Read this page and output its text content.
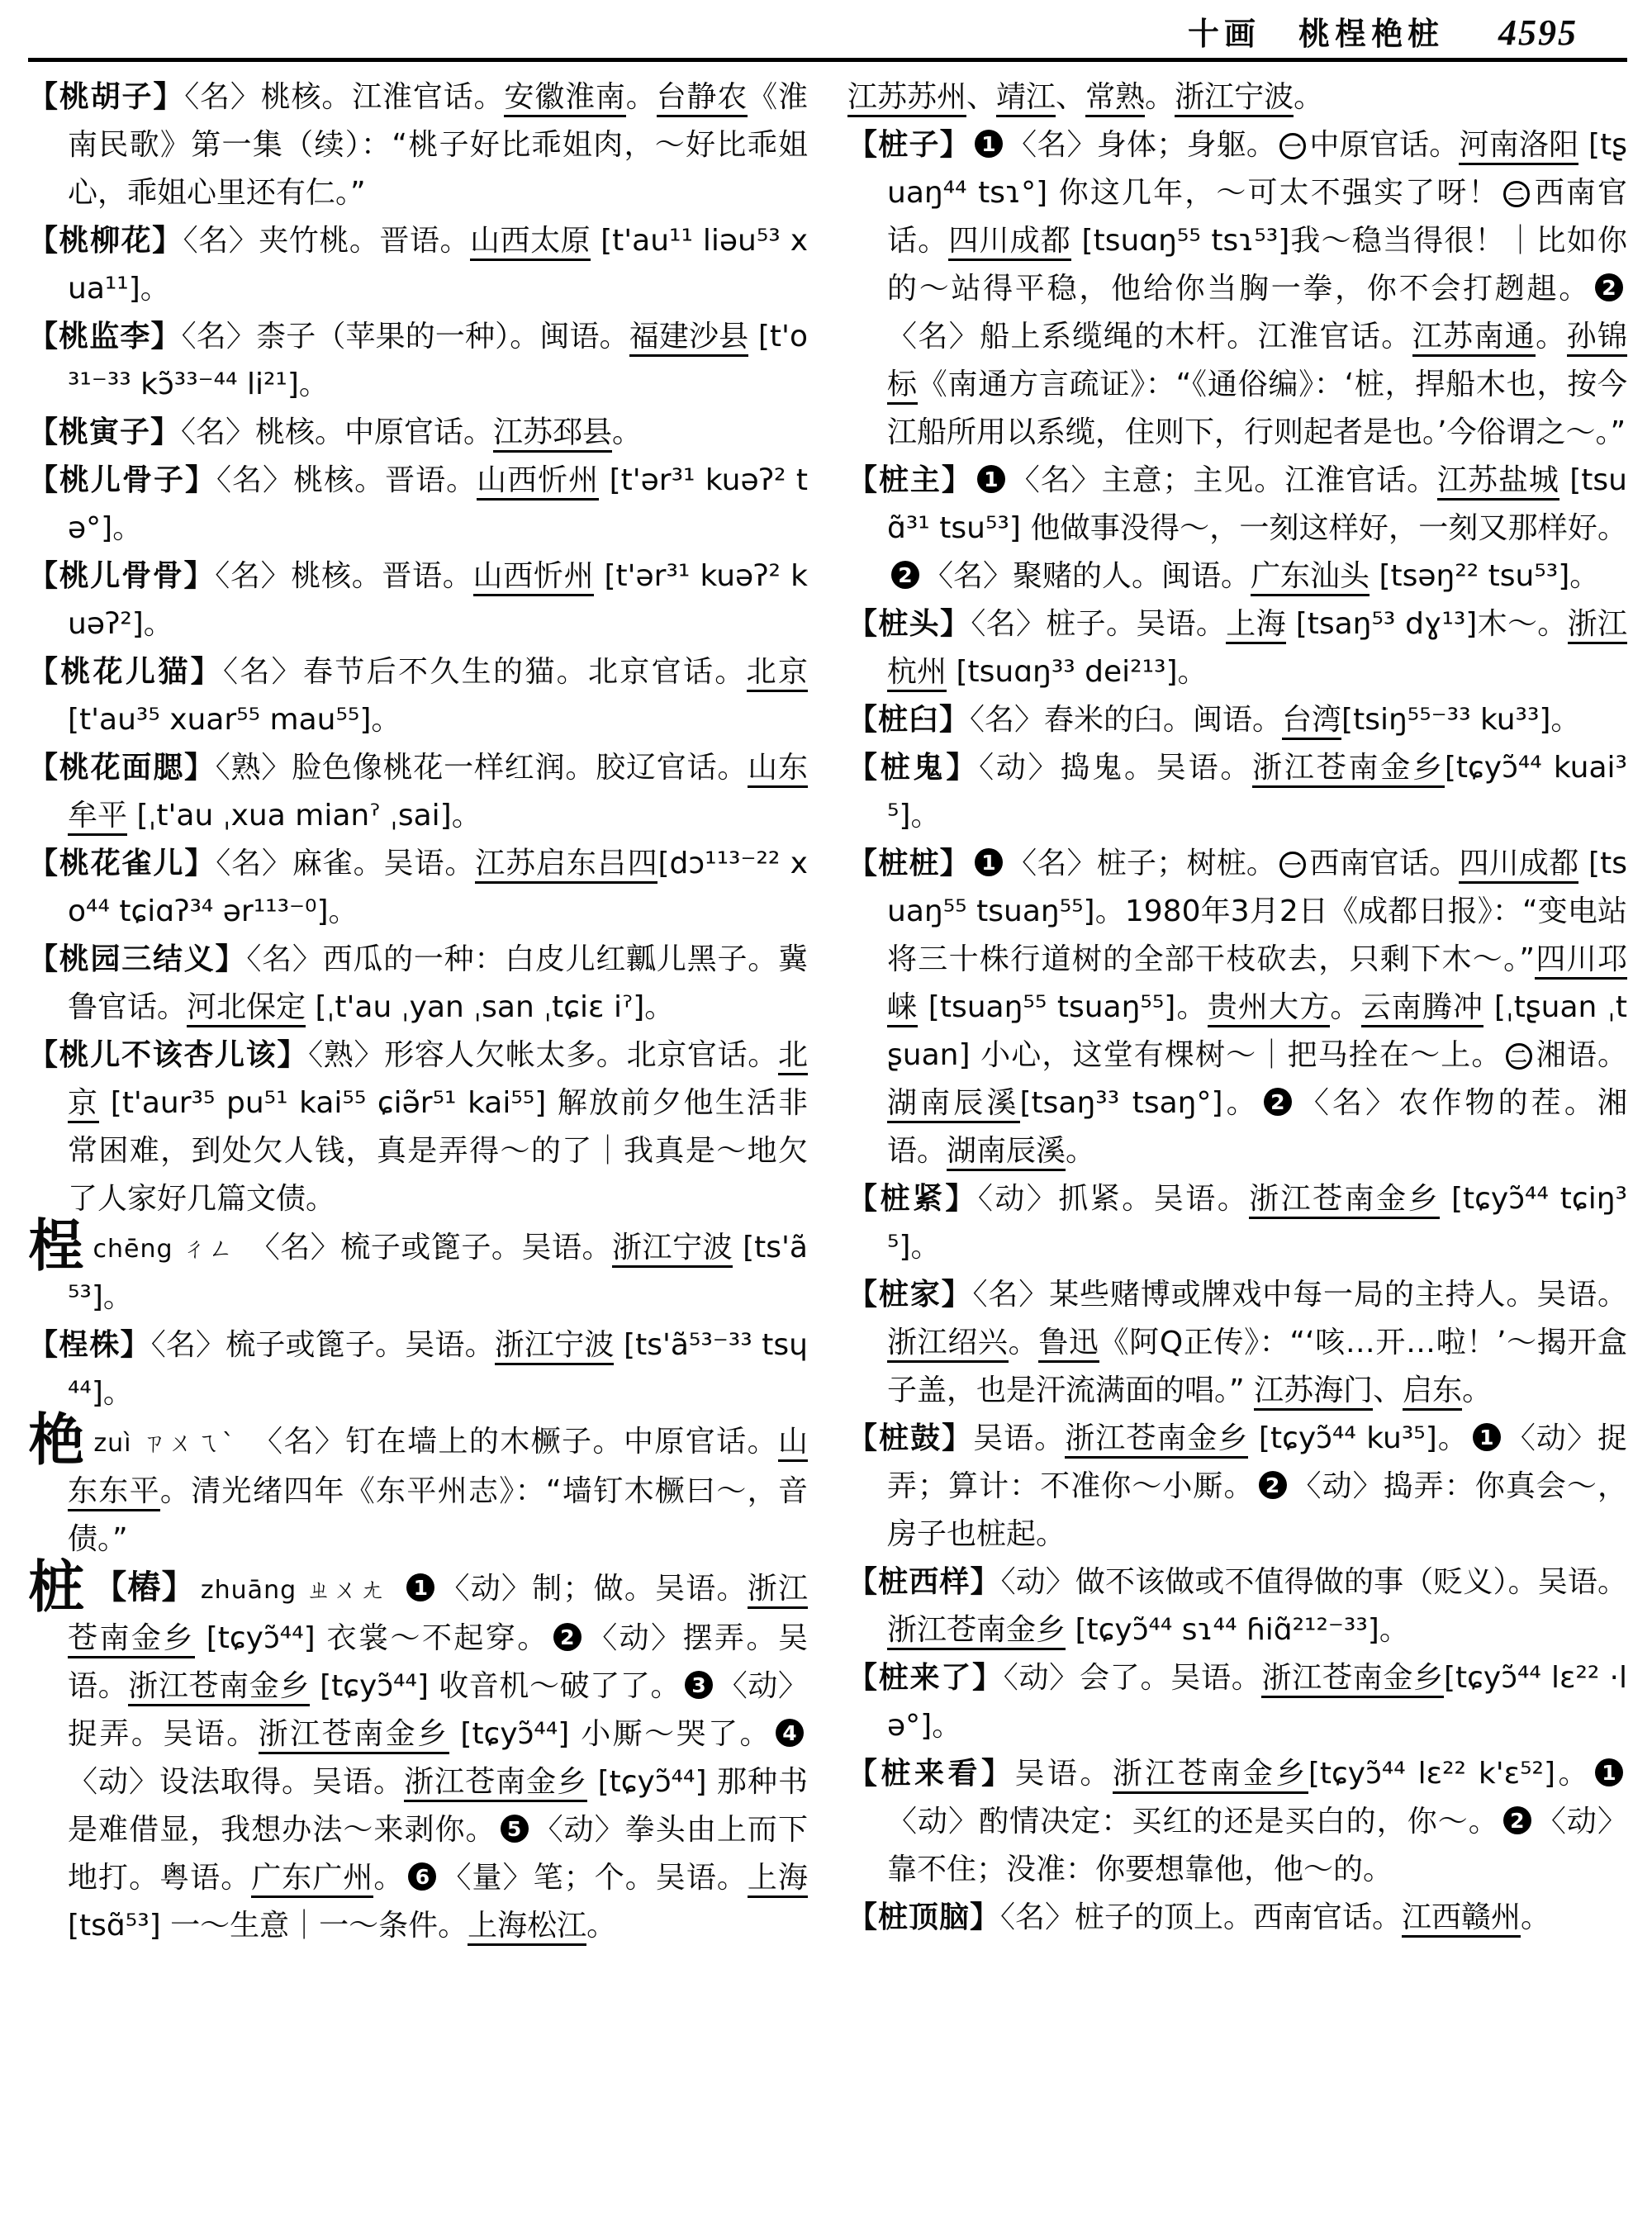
十画 桃桯栬桩 4595

【桃胡子】〈名〉桃核。江淮官话。安徽淮南。台静农《淮南民歌》第一集（续）：“桃子好比乖姐肉，～好比乖姐心，乖姐心里还有仁。”

【桃柳花】〈名〉夹竹桃。晋语。山西太原 [t'au¹¹ liəu⁵³ xua¹¹]。

【桃监李】〈名〉柰子（苹果的一种）。闽语。福建沙县 [t'o³¹⁻³³ kɔ̃³³⁻⁴⁴ li²¹]。

【桃寅子】〈名〉桃核。中原官话。江苏邳县。

【桃儿骨子】〈名〉桃核。晋语。山西忻州 [t'ər³¹ kuəʔ² tə°]。

【桃儿骨骨】〈名〉桃核。晋语。山西忻州 [t'ər³¹ kuəʔ² kuəʔ²]。

【桃花儿猫】〈名〉春节后不久生的猫。北京官话。北京 [t'au³⁵ xuar⁵⁵ mau⁵⁵]。

【桃花面腮】〈熟〉脸色像桃花一样红润。胶辽官话。山东牟平 [ˌt'au ˌxua mianˀ ˌsai]。

【桃花雀儿】〈名〉麻雀。吴语。江苏启东吕四[dɔ¹¹³⁻²² xo⁴⁴ tɕiɑʔ³⁴ ər¹¹³⁻⁰]。

【桃园三结义】〈名〉西瓜的一种：白皮儿红瓤儿黑子。冀鲁官话。河北保定 [ˌt'au ˌyan ˌsan ˌtɕiɛ iˀ]。

【桃儿不该杏儿该】〈熟〉形容人欠帐太多。北京官话。北京 [t'aur³⁵ pu⁵¹ kai⁵⁵ ɕiə̃r⁵¹ kai⁵⁵] 解放前夕他生活非常困难，到处欠人钱，真是弄得～的了｜我真是～地欠了人家好几篇文债。

桯chēng ㄔㄥ 〈名〉梳子或篦子。吴语。浙江宁波 [ts'ã⁵³]。

【桯株】〈名〉梳子或篦子。吴语。浙江宁波 [ts'ã⁵³⁻³³ tsɥ⁴⁴]。

栬zuì ㄗㄨㄟˋ 〈名〉钉在墙上的木橛子。中原官话。山东东平。清光绪四年《东平州志》：“墙钉木橛曰～，音债。”

桩 【樁】 zhuāng ㄓㄨㄤ 1 〈动〉制；做。吴语。浙江苍南金乡 [tɕyɔ̃⁴⁴] 衣裳～不起穿。 2 〈动〉摆弄。吴语。浙江苍南金乡 [tɕyɔ̃⁴⁴] 收音机～破了了。 3 〈动〉捉弄。吴语。浙江苍南金乡 [tɕyɔ̃⁴⁴] 小厮～哭了。 4〈动〉设法取得。吴语。浙江苍南金乡 [tɕyɔ̃⁴⁴] 那种书是难借显，我想办法～来剥你。 5 〈动〉拳头由上而下地打。粤语。广东广州。 6 〈量〉笔；个。吴语。上海[tsɑ̃⁵³] 一～生意｜一～条件。上海松江。

江苏苏州、靖江、常熟。浙江宁波。

【桩子】 1 〈名〉身体；身躯。 一 中原官话。河南洛阳 [tʂuaŋ⁴⁴ tsɿ°] 你这几年，～可太不强实了呀！ 二 西南官话。四川成都 [tsuɑŋ⁵⁵ tsɿ⁵³]我～稳当得很！｜比如你的～站得平稳，他给你当胸一拳，你不会打趔趄。 2〈名〉船上系缆绳的木杆。江淮官话。江苏南通。孙锦标《南通方言疏证》：“《通俗编》：‘桩，捍船木也，按今江船所用以系缆，住则下，行则起者是也。’今俗谓之～。”

【桩主】 1 〈名〉主意；主见。江淮官话。江苏盐城 [tsuɑ̃³¹ tsu⁵³] 他做事没得～，一刻这样好，一刻又那样好。2 〈名〉聚赌的人。闽语。广东汕头 [tsəŋ²² tsu⁵³]。

【桩头】〈名〉桩子。吴语。上海 [tsaŋ⁵³ dɣ¹³]木～。浙江杭州 [tsuɑŋ³³ dei²¹³]。

【桩臼】〈名〉舂米的臼。闽语。台湾[tsiŋ⁵⁵⁻³³ ku³³]。

【桩鬼】〈动〉捣鬼。吴语。浙江苍南金乡[tɕyɔ̃⁴⁴ kuai³⁵]。

【桩桩】 1 〈名〉桩子；树桩。 一 西南官话。四川成都 [tsuaŋ⁵⁵ tsuaŋ⁵⁵]。1980年3月2日《成都日报》：“变电站将三十株行道树的全部干枝砍去，只剩下木～。”四川邛崃 [tsuaŋ⁵⁵ tsuaŋ⁵⁵]。贵州大方。云南腾冲 [ˌtʂuan ˌtʂuan] 小心，这堂有棵树～｜把马拴在～上。 二 湘语。湖南辰溪[tsaŋ³³ tsaŋ°]。 2 〈名〉农作物的茬。湘语。湖南辰溪。

【桩紧】〈动〉抓紧。吴语。浙江苍南金乡 [tɕyɔ̃⁴⁴ tɕiŋ³⁵]。

【桩家】〈名〉某些赌博或牌戏中每一局的主持人。吴语。浙江绍兴。鲁迅《阿Q正传》：“‘咳…开…啦！’～揭开盒子盖，也是汗流满面的唱。” 江苏海门、启东。

【桩鼓】吴语。浙江苍南金乡 [tɕyɔ̃⁴⁴ ku³⁵]。 1 〈动〉捉弄；算计：不准你～小厮。 2 〈动〉捣弄：你真会～，房子也桩起。

【桩西样】〈动〉做不该做或不值得做的事（贬义）。吴语。浙江苍南金乡 [tɕyɔ̃⁴⁴ sɿ⁴⁴ ɦiɑ̃²¹²⁻³³]。

【桩来了】〈动〉会了。吴语。浙江苍南金乡[tɕyɔ̃⁴⁴ lɛ²² ·lə°]。

【桩来看】吴语。浙江苍南金乡[tɕyɔ̃⁴⁴ lɛ²² k'ɛ⁵²]。 1〈动〉酌情决定：买红的还是买白的，你～。 2 〈动〉靠不住；没准：你要想靠他，他～的。

【桩顶脑】〈名〉桩子的顶上。西南官话。江西赣州。
